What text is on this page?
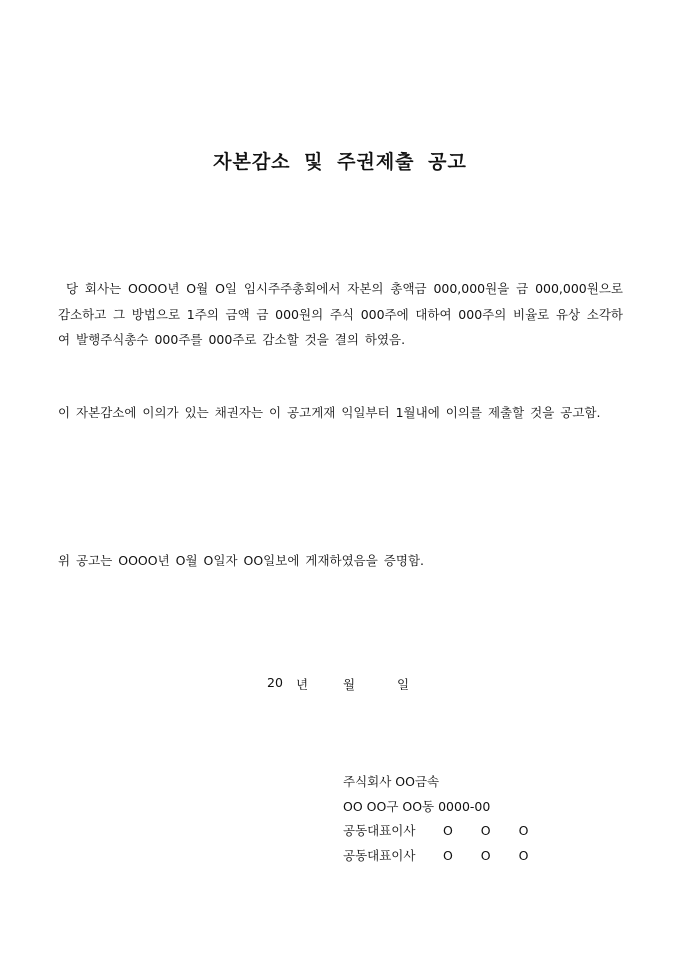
자본감소 및 주권제출 공고
당 회사는 OOOO년 O월 O일 임시주주총회에서 자본의 총액금 000,000원을 금 000,000원으로 감소하고 그 방법으로 1주의 금액 금 000원의 주식 000주에 대하여 000주의 비율로 유상 소각하여 발행주식총수 000주를 000주로 감소할 것을 결의 하였음.
이 자본감소에 이의가 있는 채권자는 이 공고게재 익일부터 1월내에 이의를 제출할 것을 공고함.
위 공고는 OOOO년 O월 O일자 OO일보에 게재하였음을 증명함.
20 년	월	일
주식회사 OO금속
OO OO구 OO동 0000-00
공동대표이사 O O O
공동대표이사 O O O
